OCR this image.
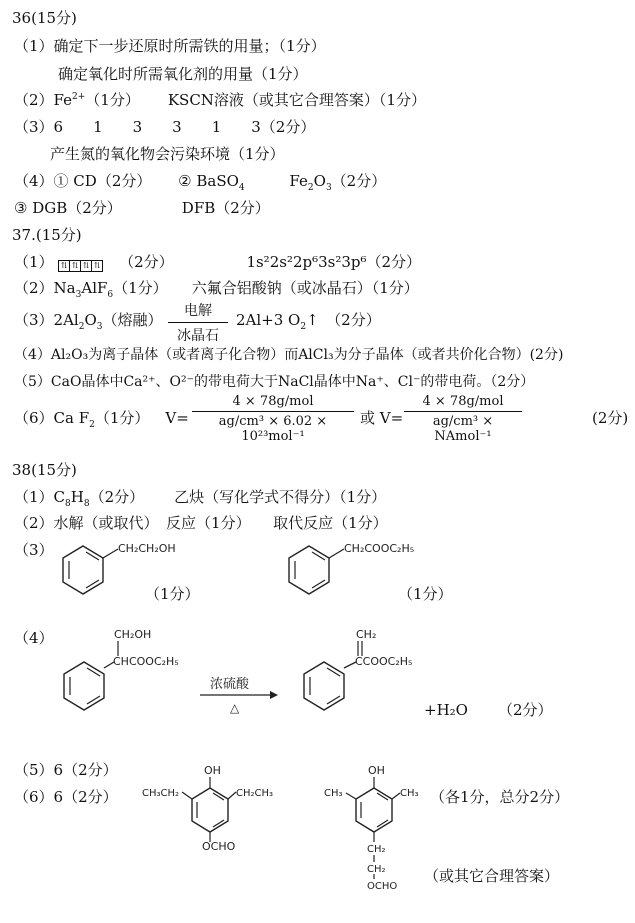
36(15分)
（1）确定下一步还原时所需铁的用量；（1分）
确定氧化时所需氧化剂的用量（1分）
$(2)Fe^{2+}(1$分） KSCN溶液（或其它合理答案）（1分）
（3）6　　1　　3　　3　　1　　3（2分）
产生氮的氧化物会污染环境（1分）
（4）① CD（2分） ② BaSO$_4$	$Fe_2O_3(2$分）
③ DGB（2分）	DFB（2分）
37.(15分)
（1） ⇅ ⇅ ⇅ ⇅ （2分）	1s²2s²2p⁶3s²3p⁶（2分）
$(2)Na_3AlF_6(1$分） 六氟合铝酸钠（或冰晶石）（1分）
$(3)2Al_2O_3$（熔融）	电解
冰晶石
2Al+3 $O_2↑$　（2分）
（4）Al₂O₃为离子晶体（或者离子化合物）而AlCl₃为分子晶体（或者共价化合物）(2分)
（5）CaO晶体中Ca²⁺、O²⁻的带电荷大于NaCl晶体中Na⁺、Cl⁻的带电荷。（2分）
（6）Ca $F_2(1$分） V=
4 × 78g/mol
ag/cm³ × 6.02 × 10²³mol⁻¹
或 V=
4 × 78g/mol
ag/cm³ × NAmol⁻¹
(2分)
38(15分)
$(1)C_8H_8(2$分） 乙炔（写化学式不得分）（1分）
（2）水解（或取代）　反应（1分）　　取代反应（1分）
（3）	CH₂CH₂OH
（1分）
CH₂COOC₂H₅
（1分）
（4）	CH₂OH
CHCOOC₂H₅
浓硫酸
△
CH₂
CCOOC₂H₅
+H₂O （2分）
（5）6（2分）
（6）6（2分）
OH
CH₃CH₂	CH₂CH₃
OCHO
OH
CH₃	CH₃
CH₂
CH₂
OCHO
（各1分，总分2分）
（或其它合理答案）
